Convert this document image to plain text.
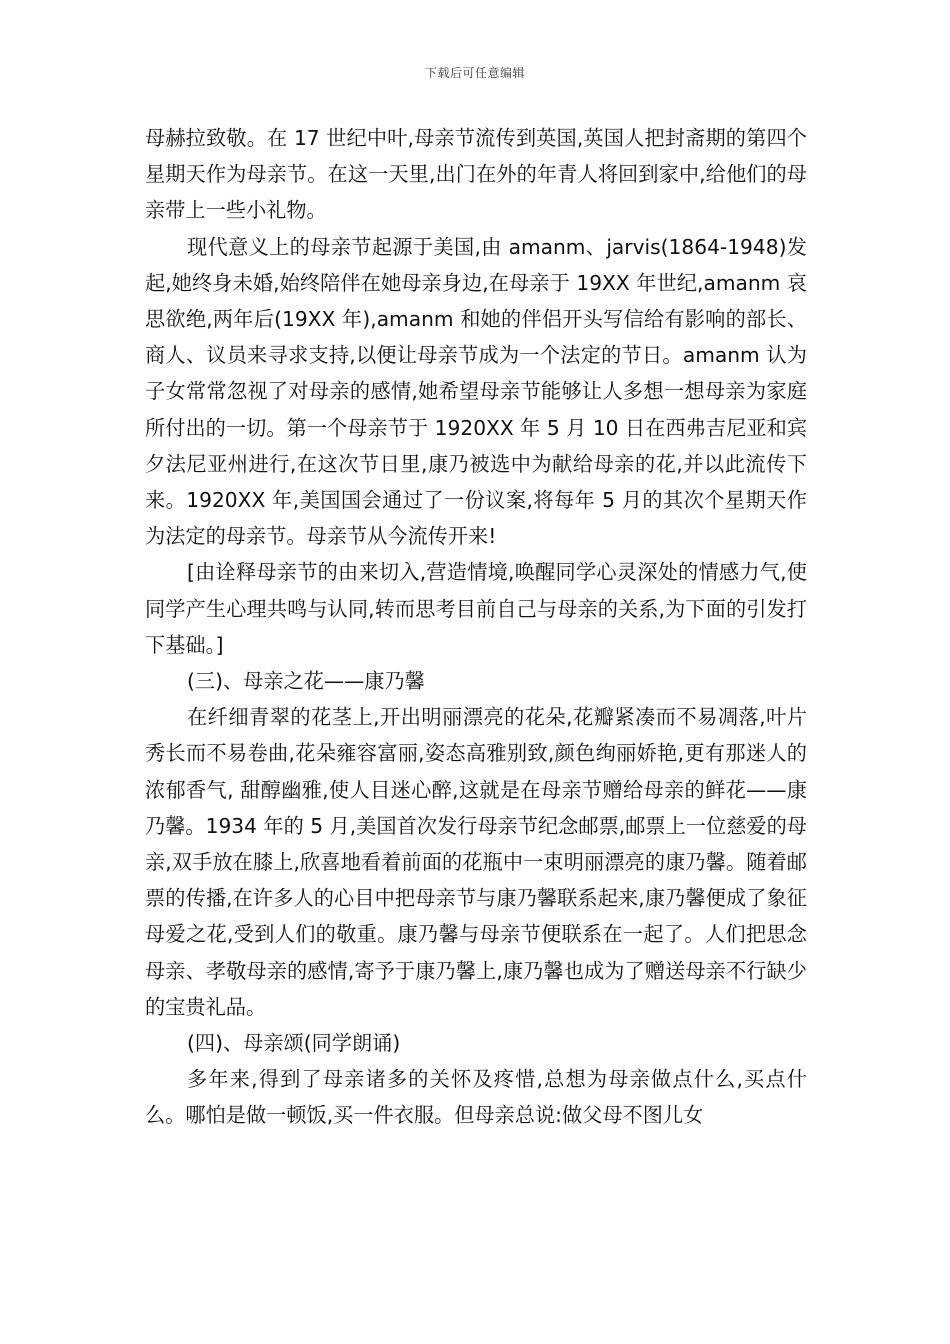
下载后可任意编辑

母赫拉致敬。在 17 世纪中叶,母亲节流传到英国,英国人把封斋期的第四个星期天作为母亲节。在这一天里,出门在外的年青人将回到家中,给他们的母亲带上一些小礼物。

现代意义上的母亲节起源于美国,由 amanm、jarvis(1864-1948)发起,她终身未婚,始终陪伴在她母亲身边,在母亲于 19XX 年世纪,amanm 哀思欲绝,两年后(19XX 年),amanm 和她的伴侣开头写信给有影响的部长、商人、议员来寻求支持,以便让母亲节成为一个法定的节日。amanm 认为子女常常忽视了对母亲的感情,她希望母亲节能够让人多想一想母亲为家庭所付出的一切。第一个母亲节于 1920XX 年 5 月 10 日在西弗吉尼亚和宾夕法尼亚州进行,在这次节日里,康乃被选中为献给母亲的花,并以此流传下来。1920XX 年,美国国会通过了一份议案,将每年 5 月的其次个星期天作为法定的母亲节。母亲节从今流传开来!

[由诠释母亲节的由来切入,营造情境,唤醒同学心灵深处的情感力气,使同学产生心理共鸣与认同,转而思考目前自己与母亲的关系,为下面的引发打下基础。]

(三)、母亲之花——康乃馨

在纤细青翠的花茎上,开出明丽漂亮的花朵,花瓣紧凑而不易凋落,叶片秀长而不易卷曲,花朵雍容富丽,姿态高雅别致,颜色绚丽娇艳,更有那迷人的浓郁香气, 甜醇幽雅,使人目迷心醉,这就是在母亲节赠给母亲的鲜花——康乃馨。1934 年的 5 月,美国首次发行母亲节纪念邮票,邮票上一位慈爱的母亲,双手放在膝上,欣喜地看着前面的花瓶中一束明丽漂亮的康乃馨。随着邮票的传播,在许多人的心目中把母亲节与康乃馨联系起来,康乃馨便成了象征母爱之花,受到人们的敬重。康乃馨与母亲节便联系在一起了。人们把思念母亲、孝敬母亲的感情,寄予于康乃馨上,康乃馨也成为了赠送母亲不行缺少的宝贵礼品。

(四)、母亲颂(同学朗诵)

多年来,得到了母亲诸多的关怀及疼惜,总想为母亲做点什么,买点什么。哪怕是做一顿饭,买一件衣服。但母亲总说:做父母不图儿女
